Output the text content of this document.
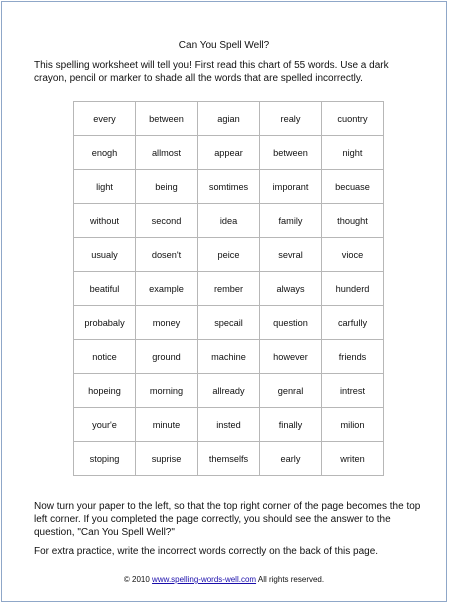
Can You Spell Well?
This spelling worksheet will tell you! First read this chart of 55 words. Use a dark crayon, pencil or marker to shade all the words that are spelled incorrectly.
every	between	agian	realy	cuontry
enogh	allmost	appear	between	night
light	being	somtimes	imporant	becuase
without	second	idea	family	thought
usualy	dosen't	peice	sevral	vioce
beatiful	example	rember	always	hunderd
probabaly	money	specail	question	carfully
notice	ground	machine	however	friends
hopeing	morning	allready	genral	intrest
your'e	minute	insted	finally	milion
stoping	suprise	themselfs	early	writen
Now turn your paper to the left, so that the top right corner of the page becomes the top left corner. If you completed the page correctly, you should see the answer to the question, "Can You Spell Well?"
For extra practice, write the incorrect words correctly on the back of this page.
© 2010 www.spelling-words-well.com All rights reserved.
